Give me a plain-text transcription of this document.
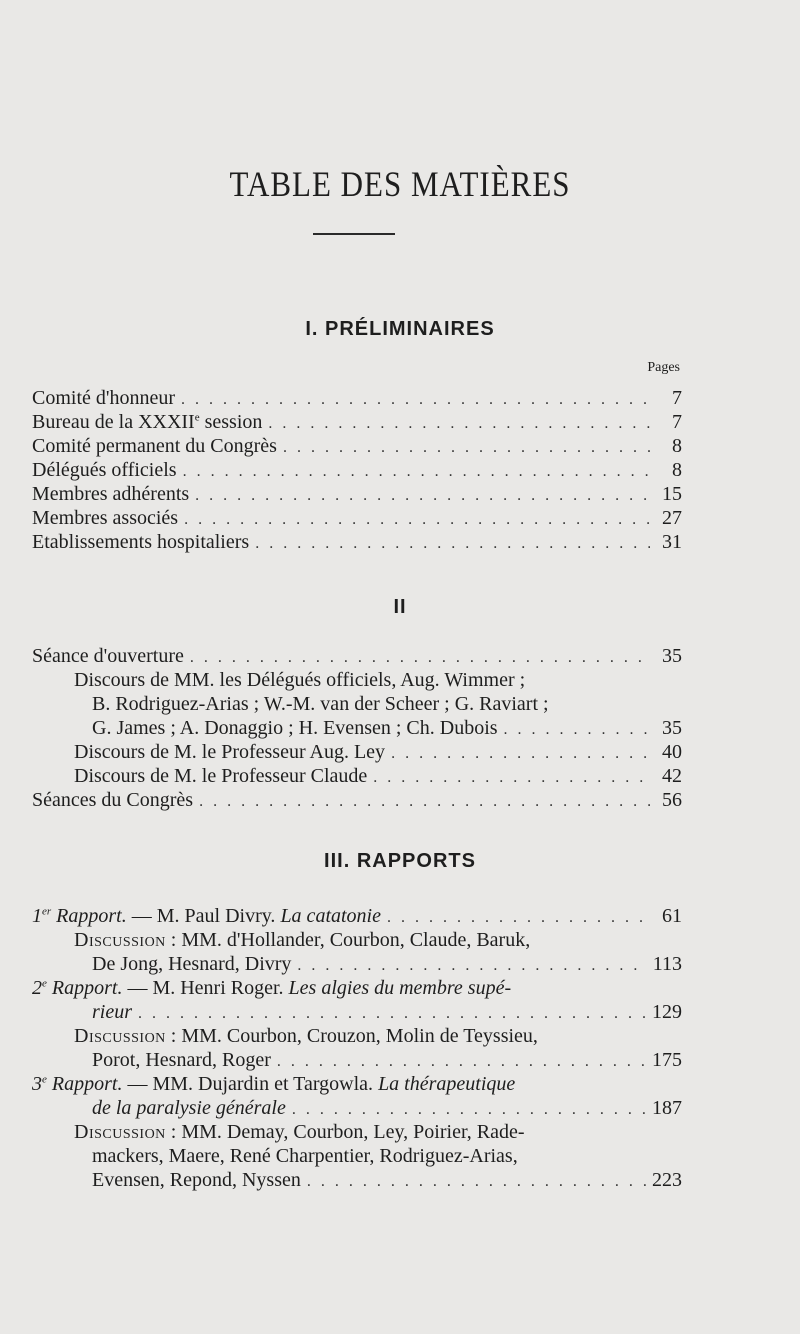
TABLE DES MATIÈRES
I. PRÉLIMINAIRES
Pages
Comité d'honneur . . .	7
Bureau de la XXXIIe session . . .	7
Comité permanent du Congrès . . .	8
Délégués officiels . . .	8
Membres adhérents . . .	15
Membres associés . . .	27
Etablissements hospitaliers . . .	31
II
Séance d'ouverture . . .	35
Discours de MM. les Délégués officiels, Aug. Wimmer ;
B. Rodriguez-Arias ; W.-M. van der Scheer ; G. Raviart ;
G. James ; A. Donaggio ; H. Evensen ; Ch. Dubois . . .	35
Discours de M. le Professeur Aug. Ley . . .	40
Discours de M. le Professeur Claude . . .	42
Séances du Congrès . . .	56
III. RAPPORTS
1er Rapport. — M. Paul Divry. La catatonie . . .	61
Discussion : MM. d'Hollander, Courbon, Claude, Baruk,
De Jong, Hesnard, Divry . . .	113
2e Rapport. — M. Henri Roger. Les algies du membre supé-
rieur . . .	129
Discussion : MM. Courbon, Crouzon, Molin de Teyssieu,
Porot, Hesnard, Roger . . .	175
3e Rapport. — MM. Dujardin et Targowla. La thérapeutique
de la paralysie générale . . .	187
Discussion : MM. Demay, Courbon, Ley, Poirier, Rade-
mackers, Maere, René Charpentier, Rodriguez-Arias,
Evensen, Repond, Nyssen . . .	223
